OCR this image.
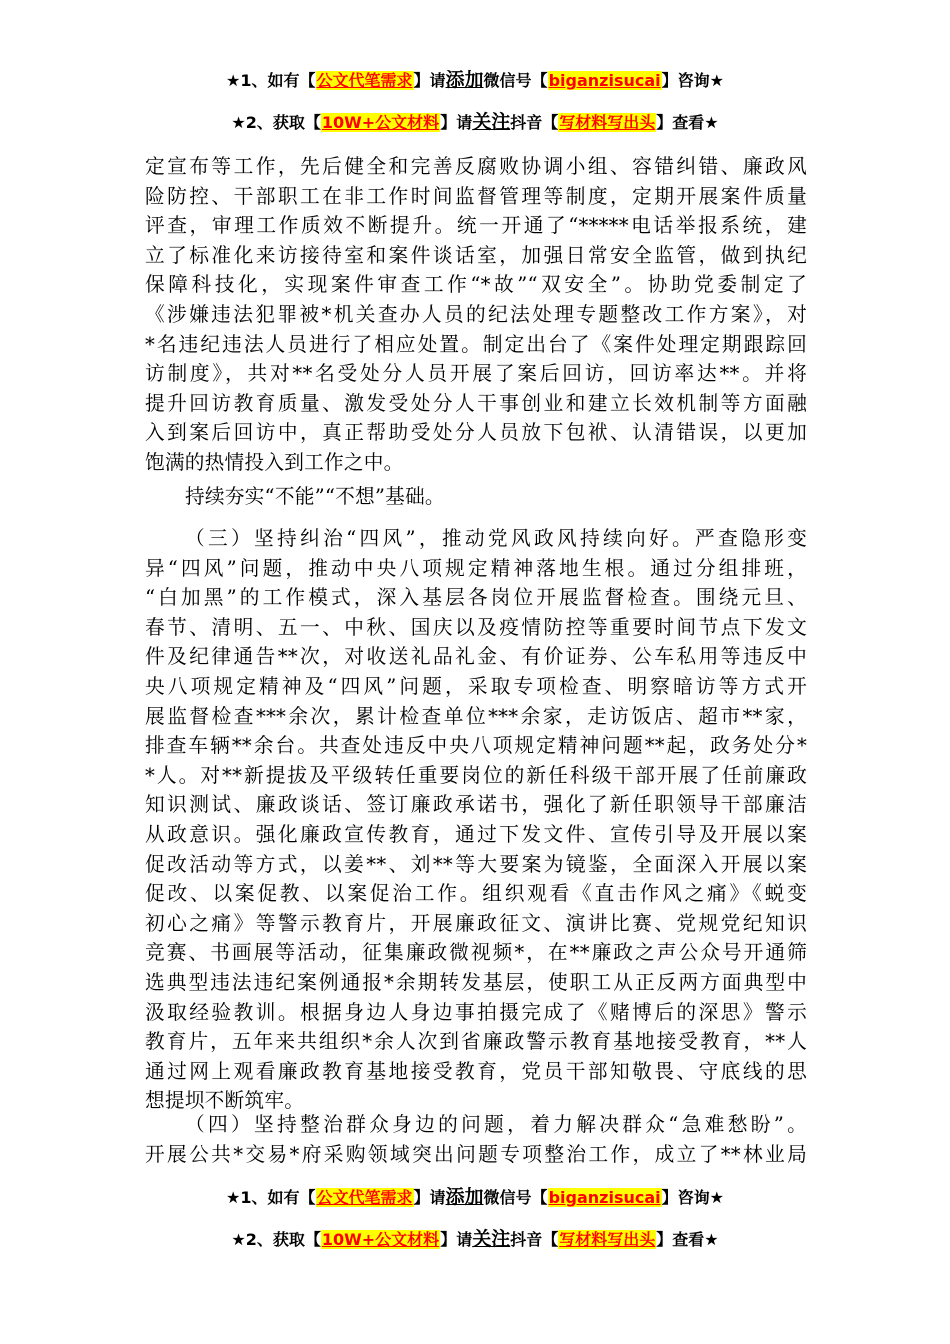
★1、如有【公文代笔需求】请添加微信号【biganzisucai】咨询★
★2、获取【10W+公文材料】请关注抖音【写材料写出头】查看★
定宣布等工作，先后健全和完善反腐败协调小组、容错纠错、廉政风
险防控、干部职工在非工作时间监督管理等制度，定期开展案件质量
评查，审理工作质效不断提升。统一开通了“*****电话举报系统，建
立了标准化来访接待室和案件谈话室，加强日常安全监管，做到执纪
保障科技化，实现案件审查工作“*故”“双安全”。协助党委制定了
《涉嫌违法犯罪被*机关查办人员的纪法处理专题整改工作方案》，对
*名违纪违法人员进行了相应处置。制定出台了《案件处理定期跟踪回
访制度》，共对**名受处分人员开展了案后回访，回访率达**。并将
提升回访教育质量、激发受处分人干事创业和建立长效机制等方面融
入到案后回访中，真正帮助受处分人员放下包袱、认清错误，以更加
饱满的热情投入到工作之中。
持续夯实“不能”“不想”基础。
（三）坚持纠治“四风”，推动党风政风持续向好。严查隐形变
异“四风”问题，推动中央八项规定精神落地生根。通过分组排班，
“白加黑”的工作模式，深入基层各岗位开展监督检查。围绕元旦、
春节、清明、五一、中秋、国庆以及疫情防控等重要时间节点下发文
件及纪律通告**次，对收送礼品礼金、有价证券、公车私用等违反中
央八项规定精神及“四风”问题，采取专项检查、明察暗访等方式开
展监督检查***余次，累计检查单位***余家，走访饭店、超市**家，
排查车辆**余台。共查处违反中央八项规定精神问题**起，政务处分*
*人。对**新提拔及平级转任重要岗位的新任科级干部开展了任前廉政
知识测试、廉政谈话、签订廉政承诺书，强化了新任职领导干部廉洁
从政意识。强化廉政宣传教育，通过下发文件、宣传引导及开展以案
促改活动等方式，以姜**、刘**等大要案为镜鉴，全面深入开展以案
促改、以案促教、以案促治工作。组织观看《直击作风之痛》《蜕变
初心之痛》等警示教育片，开展廉政征文、演讲比赛、党规党纪知识
竞赛、书画展等活动，征集廉政微视频*，在**廉政之声公众号开通筛
选典型违法违纪案例通报*余期转发基层，使职工从正反两方面典型中
汲取经验教训。根据身边人身边事拍摄完成了《赌博后的深思》警示
教育片，五年来共组织*余人次到省廉政警示教育基地接受教育，**人
通过网上观看廉政教育基地接受教育，党员干部知敬畏、守底线的思
想提坝不断筑牢。
（四）坚持整治群众身边的问题，着力解决群众“急难愁盼”。
开展公共*交易*府采购领域突出问题专项整治工作，成立了**林业局
★1、如有【公文代笔需求】请添加微信号【biganzisucai】咨询★
★2、获取【10W+公文材料】请关注抖音【写材料写出头】查看★
